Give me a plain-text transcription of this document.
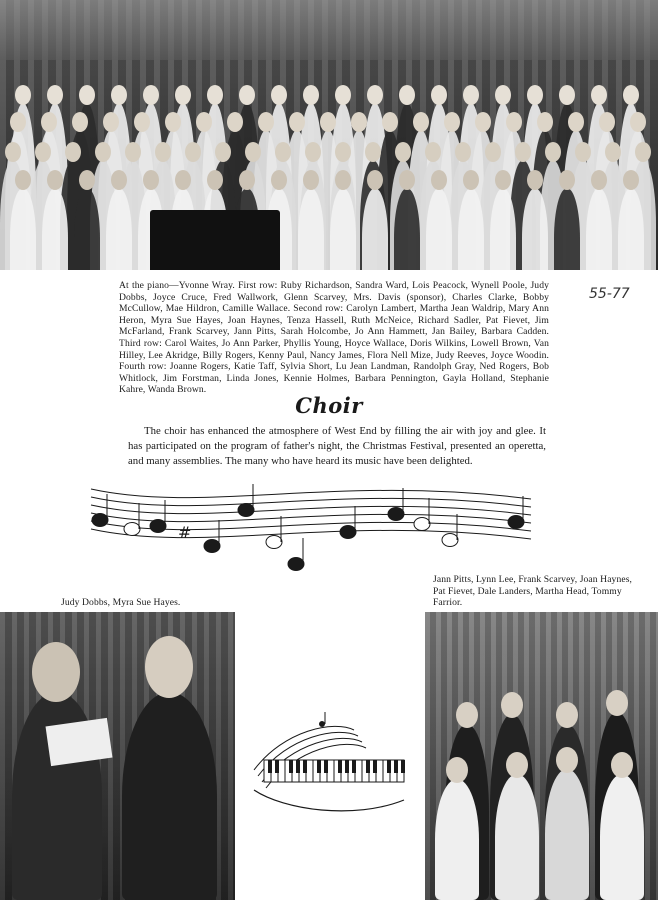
At the piano—Yvonne Wray. First row: Ruby Richardson, Sandra Ward, Lois Peacock, Wynell Poole, Judy Dobbs, Joyce Cruce, Fred Wallwork, Glenn Scarvey, Mrs. Davis (sponsor), Charles Clarke, Bobby McCullow, Mae Hildron, Camille Wallace. Second row: Carolyn Lambert, Martha Jean Waldrip, Mary Ann Heron, Myra Sue Hayes, Joan Haynes, Tenza Hassell, Ruth McNeice, Richard Sadler, Pat Fievet, Jim McFarland, Frank Scarvey, Jann Pitts, Sarah Holcombe, Jo Ann Hammett, Jan Bailey, Barbara Cadden. Third row: Carol Waites, Jo Ann Parker, Phyllis Young, Hoyce Wallace, Doris Wilkins, Lowell Brown, Van Hilley, Lee Akridge, Billy Rogers, Kenny Paul, Nancy James, Flora Nell Mize, Judy Reeves, Joyce Woodin. Fourth row: Joanne Rogers, Katie Taff, Sylvia Short, Lu Jean Landman, Randolph Gray, Ned Rogers, Bob Whitlock, Jim Forstman, Linda Jones, Kennie Holmes, Barbara Pennington, Gayla Holland, Stephanie Kahre, Wanda Brown.
55-77
Choir
The choir has enhanced the atmosphere of West End by filling the air with joy and glee. It has participated on the program of father's night, the Christmas Festival, presented an operetta, and many assemblies. The many who have heard its music have been delighted.
#
Jann Pitts, Lynn Lee, Frank Scarvey, Joan Haynes, Pat Fievet, Dale Landers, Martha Head, Tommy Farrior.
Judy Dobbs, Myra Sue Hayes.
